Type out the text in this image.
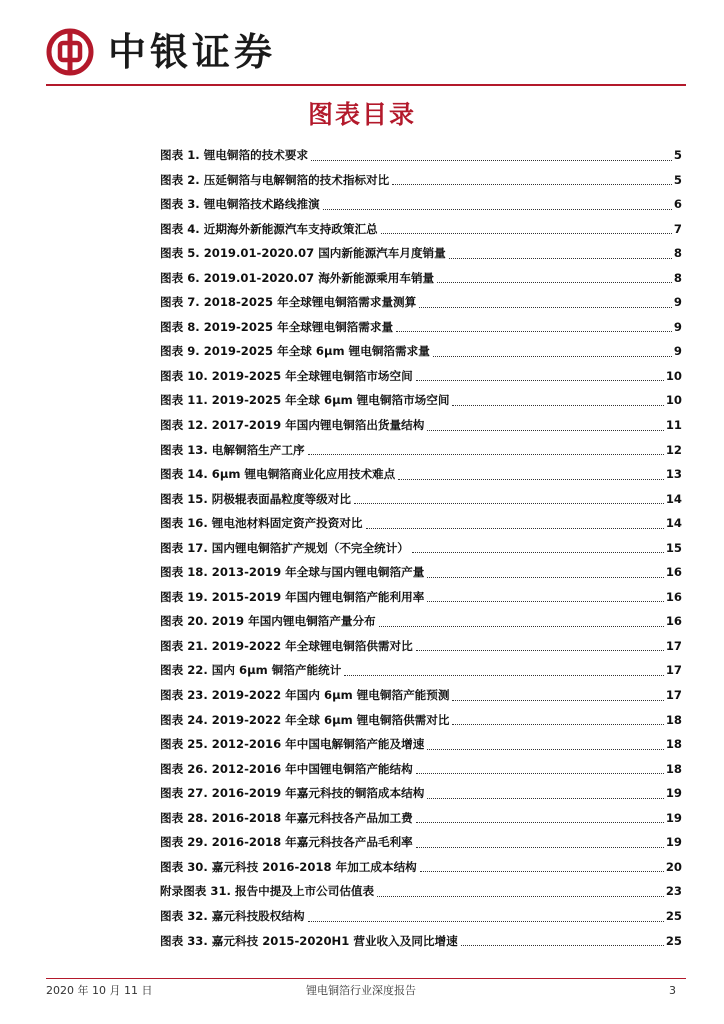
中银证券
图表目录
图表 1. 锂电铜箔的技术要求	5
图表 2. 压延铜箔与电解铜箔的技术指标对比	5
图表 3. 锂电铜箔技术路线推演	6
图表 4. 近期海外新能源汽车支持政策汇总	7
图表 5. 2019.01-2020.07 国内新能源汽车月度销量	8
图表 6. 2019.01-2020.07 海外新能源乘用车销量	8
图表 7. 2018-2025 年全球锂电铜箔需求量测算	9
图表 8. 2019-2025 年全球锂电铜箔需求量	9
图表 9. 2019-2025 年全球 6μm 锂电铜箔需求量	9
图表 10. 2019-2025 年全球锂电铜箔市场空间	10
图表 11. 2019-2025 年全球 6μm 锂电铜箔市场空间	10
图表 12. 2017-2019 年国内锂电铜箔出货量结构	11
图表 13. 电解铜箔生产工序	12
图表 14. 6μm 锂电铜箔商业化应用技术难点	13
图表 15. 阴极辊表面晶粒度等级对比	14
图表 16. 锂电池材料固定资产投资对比	14
图表 17. 国内锂电铜箔扩产规划（不完全统计）	15
图表 18. 2013-2019 年全球与国内锂电铜箔产量	16
图表 19. 2015-2019 年国内锂电铜箔产能利用率	16
图表 20. 2019 年国内锂电铜箔产量分布	16
图表 21. 2019-2022 年全球锂电铜箔供需对比	17
图表 22. 国内 6μm 铜箔产能统计	17
图表 23. 2019-2022 年国内 6μm 锂电铜箔产能预测	17
图表 24. 2019-2022 年全球 6μm 锂电铜箔供需对比	18
图表 25. 2012-2016 年中国电解铜箔产能及增速	18
图表 26. 2012-2016 年中国锂电铜箔产能结构	18
图表 27. 2016-2019 年嘉元科技的铜箔成本结构	19
图表 28. 2016-2018 年嘉元科技各产品加工费	19
图表 29. 2016-2018 年嘉元科技各产品毛利率	19
图表 30. 嘉元科技 2016-2018 年加工成本结构	20
附录图表 31. 报告中提及上市公司估值表	23
图表 32. 嘉元科技股权结构	25
图表 33. 嘉元科技 2015-2020H1 营业收入及同比增速	25
2020 年 10 月 11 日	锂电铜箔行业深度报告	3
